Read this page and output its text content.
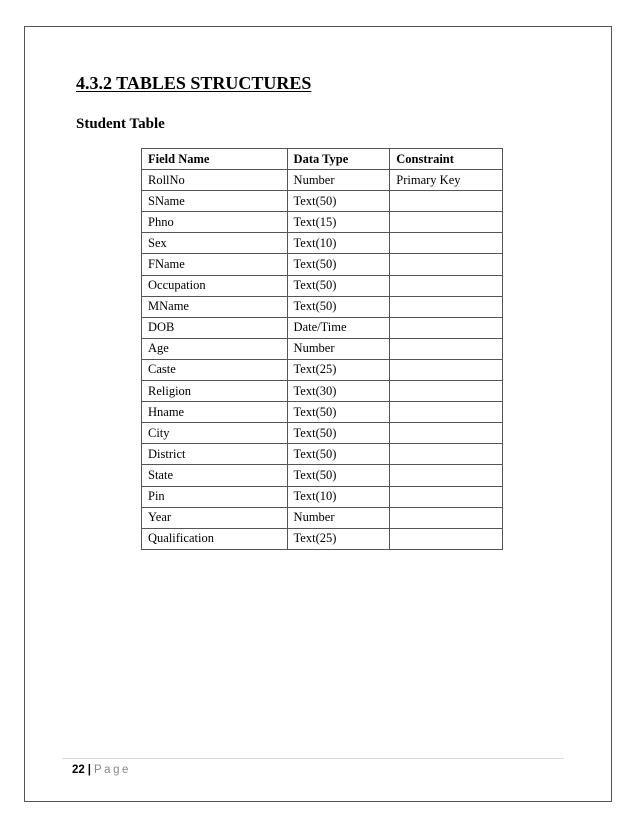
4.3.2 TABLES STRUCTURES
Student Table
Field Name	Data Type	Constraint
RollNo	Number	Primary Key
SName	Text(50)	
Phno	Text(15)	
Sex	Text(10)	
FName	Text(50)	
Occupation	Text(50)	
MName	Text(50)	
DOB	Date/Time	
Age	Number	
Caste	Text(25)	
Religion	Text(30)	
Hname	Text(50)	
City	Text(50)	
District	Text(50)	
State	Text(50)	
Pin	Text(10)	
Year	Number	
Qualification	Text(25)	
22 | Page
